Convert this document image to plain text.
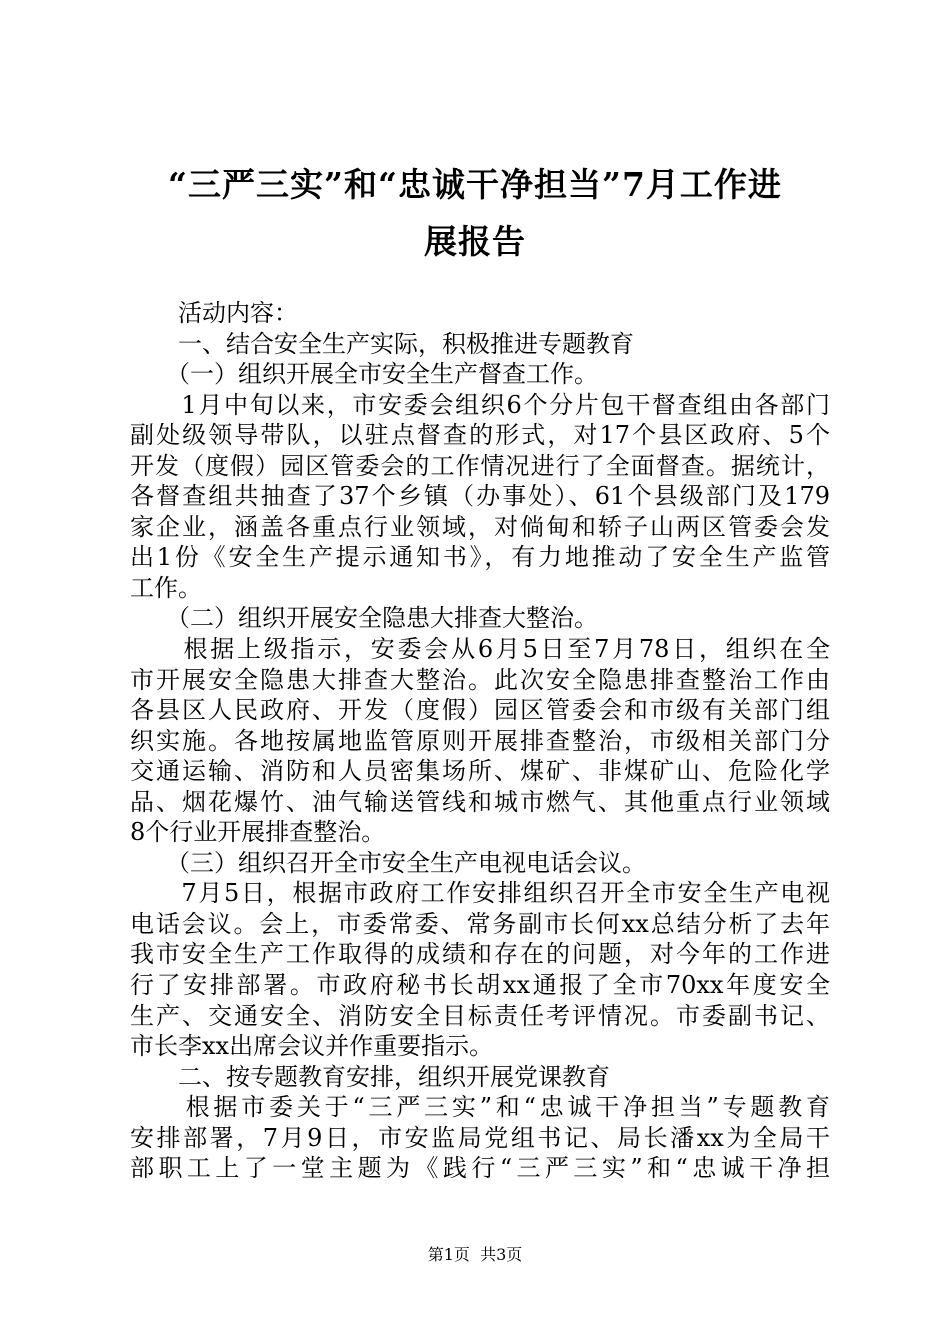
“三严三实”和“忠诚干净担当”7月工作进
展报告
　　活动内容：
　　一、结合安全生产实际，积极推进专题教育
　　（一）组织开展全市安全生产督查工作。
　　1月中旬以来，市安委会组织6个分片包干督查组由各部门
副处级领导带队，以驻点督查的形式，对17个县区政府、5个
开发（度假）园区管委会的工作情况进行了全面督查。据统计，
各督查组共抽查了37个乡镇（办事处）、61个县级部门及179
家企业，涵盖各重点行业领域，对倘甸和轿子山两区管委会发
出1份《安全生产提示通知书》，有力地推动了安全生产监管
工作。
　　（二）组织开展安全隐患大排查大整治。
　　根据上级指示，安委会从6月5日至7月78日，组织在全
市开展安全隐患大排查大整治。此次安全隐患排查整治工作由
各县区人民政府、开发（度假）园区管委会和市级有关部门组
织实施。各地按属地监管原则开展排查整治，市级相关部门分
交通运输、消防和人员密集场所、煤矿、非煤矿山、危险化学
品、烟花爆竹、油气输送管线和城市燃气、其他重点行业领域
8个行业开展排查整治。
　　（三）组织召开全市安全生产电视电话会议。
　　7月5日，根据市政府工作安排组织召开全市安全生产电视
电话会议。会上，市委常委、常务副市长何xx总结分析了去年
我市安全生产工作取得的成绩和存在的问题，对今年的工作进
行了安排部署。市政府秘书长胡xx通报了全市70xx年度安全
生产、交通安全、消防安全目标责任考评情况。市委副书记、
市长李xx出席会议并作重要指示。
　　二、按专题教育安排，组织开展党课教育
　　根据市委关于“三严三实”和“忠诚干净担当”专题教育
安排部署，7月9日，市安监局党组书记、局长潘xx为全局干
部职工上了一堂主题为《践行“三严三实”和“忠诚干净担
第1页  共3页
